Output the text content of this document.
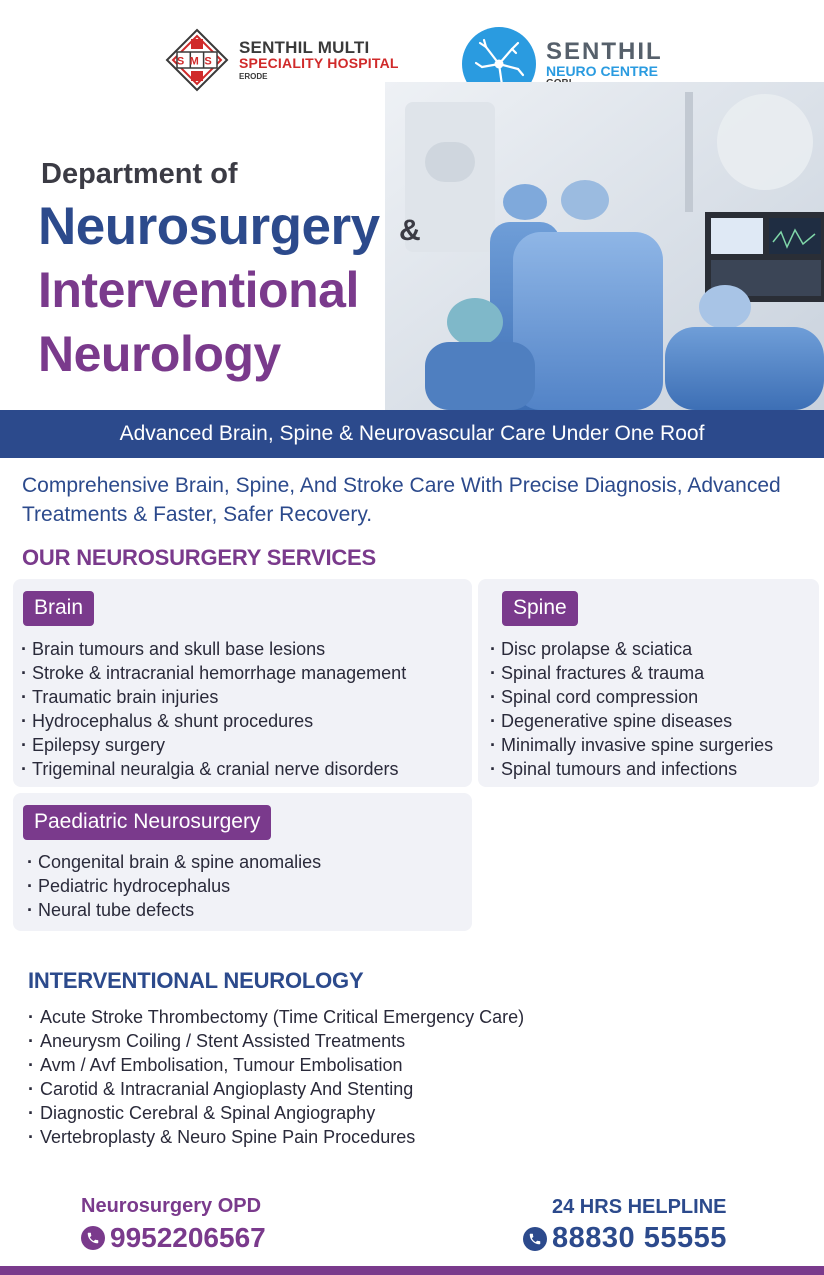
SMS
SENTHIL MULTI
SPECIALITY HOSPITAL
ERODE
SENTHIL
NEURO CENTRE
Department of
Neurosurgery &
Interventional
Neurology
Advanced Brain, Spine & Neurovascular Care Under One Roof
Comprehensive Brain, Spine, And Stroke Care With Precise Diagnosis, Advanced Treatments & Faster, Safer Recovery.
OUR NEUROSURGERY SERVICES
Brain
· Brain tumours and skull base lesions
· Stroke & intracranial hemorrhage management
· Traumatic brain injuries
· Hydrocephalus & shunt procedures
· Epilepsy surgery
· Trigeminal neuralgia & cranial nerve disorders
Spine
· Disc prolapse & sciatica
· Spinal fractures & trauma
· Spinal cord compression
· Degenerative spine diseases
· Minimally invasive spine surgeries
· Spinal tumours and infections
Paediatric Neurosurgery
· Congenital brain & spine anomalies
· Pediatric hydrocephalus
· Neural tube defects
INTERVENTIONAL NEUROLOGY
· Acute Stroke Thrombectomy (Time Critical Emergency Care)
· Aneurysm Coiling / Stent Assisted Treatments
· Avm / Avf Embolisation, Tumour Embolisation
· Carotid & Intracranial Angioplasty And Stenting
· Diagnostic Cerebral & Spinal Angiography
· Vertebroplasty & Neuro Spine Pain Procedures
Neurosurgery OPD
9952206567
24 HRS HELPLINE
88830 55555
